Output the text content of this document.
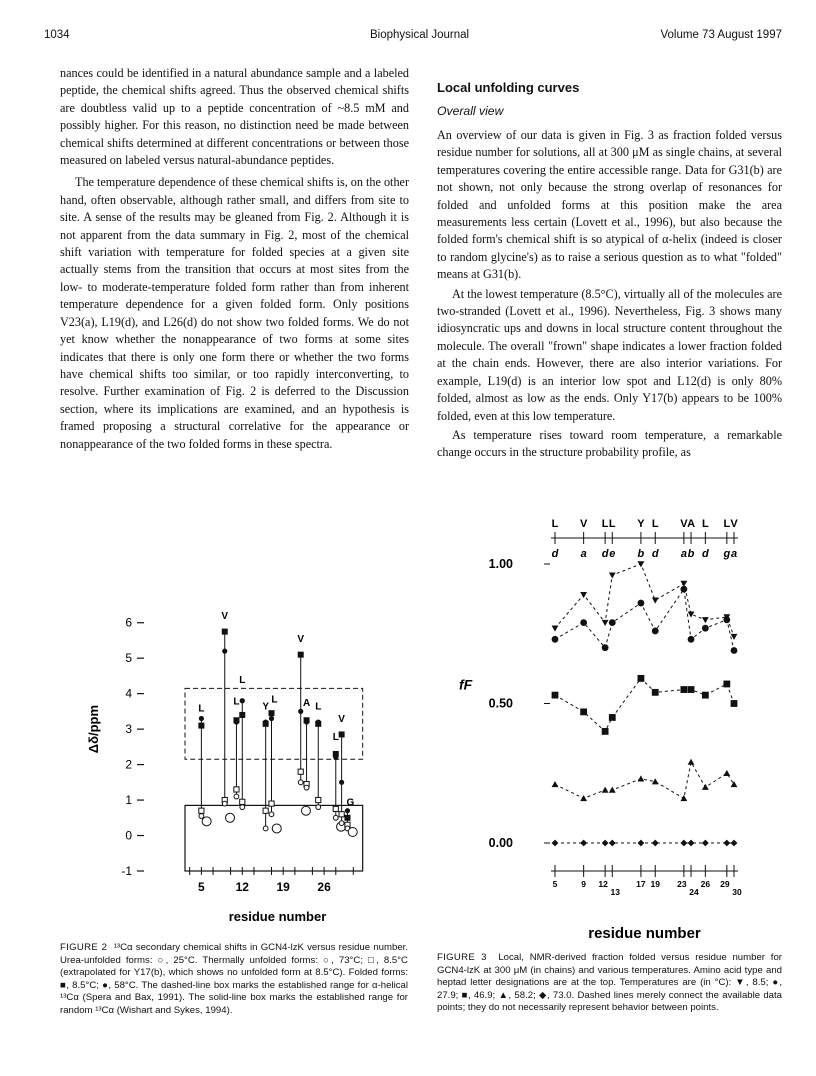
1034	Biophysical Journal	Volume 73 August 1997

nances could be identified in a natural abundance sample and a labeled peptide, the chemical shifts agreed. Thus the observed chemical shifts are doubtless valid up to a peptide concentration of ~8.5 mM and possibly higher. For this reason, no distinction need be made between chemical shifts determined at different concentrations or between those measured on labeled versus natural-abundance peptides.

The temperature dependence of these chemical shifts is, on the other hand, often observable, although rather small, and differs from site to site. A sense of the results may be gleaned from Fig. 2. Although it is not apparent from the data summary in Fig. 2, most of the chemical shift variation with temperature for folded species at a given site actually stems from the transition that occurs at most sites from the low- to moderate-temperature folded form rather than from inherent temperature dependence for a given folded form. Only positions V23(a), L19(d), and L26(d) do not show two folded forms. We do not yet know whether the nonappearance of two forms at some sites indicates that there is only one form there or whether the two forms have chemical shifts too similar, or too rapidly interconverting, to resolve. Further examination of Fig. 2 is deferred to the Discussion section, where its implications are examined, and an hypothesis is framed proposing a structural correlative for the appearance or nonappearance of the two folded forms in these spectra.

Local unfolding curves
Overall view

An overview of our data is given in Fig. 3 as fraction folded versus residue number for solutions, all at 300 μM as single chains, at several temperatures covering the entire accessible range. Data for G31(b) are not shown, not only because the strong overlap of resonances for folded and unfolded forms at this position make the area measurements less certain (Lovett et al., 1996), but also because the folded form's chemical shift is so atypical of α-helix (indeed is closer to random glycine's) as to raise a serious question as to what "folded" means at G31(b).

At the lowest temperature (8.5°C), virtually all of the molecules are two-stranded (Lovett et al., 1996). Nevertheless, Fig. 3 shows many idiosyncratic ups and downs in local structure content throughout the molecule. The overall "frown" shape indicates a lower fraction folded at the chain ends. However, there are also interior variations. For example, L19(d) is an interior low spot and L12(d) is only 80% folded, almost as low as the ends. Only Y17(b) appears to be 100% folded, even at this low temperature.

As temperature rises toward room temperature, a remarkable change occurs in the structure probability profile, as

-1
0
1
2
3
4
5
6
Δδ/ppm
5	12 19 26
residue number
L
V
L
L Y
L
V
A L
L
V
G
FIGURE 2 ¹³Cα secondary chemical shifts in GCN4-lzK versus residue number. Urea-unfolded forms: ○, 25°C. Thermally unfolded forms: ○, 73°C; □, 8.5°C (extrapolated for Y17(b), which shows no unfolded form at 8.5°C). Folded forms: ■, 8.5°C; ●, 58°C. The dashed-line box marks the established range for α-helical ¹³Cα (Spera and Bax, 1991). The solid-line box marks the established range for random ¹³Cα (Wishart and Sykes, 1994).
L
d
V
a
L
d
L
e
Y
b
L
d
V
a
A
b
L
d
L
g
V
a
0.00
0.50
1.00
fF
5	9 12
13
17 19 23
24
26 29
30
residue number
FIGURE 3 Local, NMR-derived fraction folded versus residue number for GCN4-lzK at 300 μM (in chains) and various temperatures. Amino acid type and heptad letter designations are at the top. Temperatures are (in °C): ▼, 8.5; ●, 27.9; ■, 46.9; ▲, 58.2; ◆, 73.0. Dashed lines merely connect the available data points; they do not necessarily represent behavior between points.
